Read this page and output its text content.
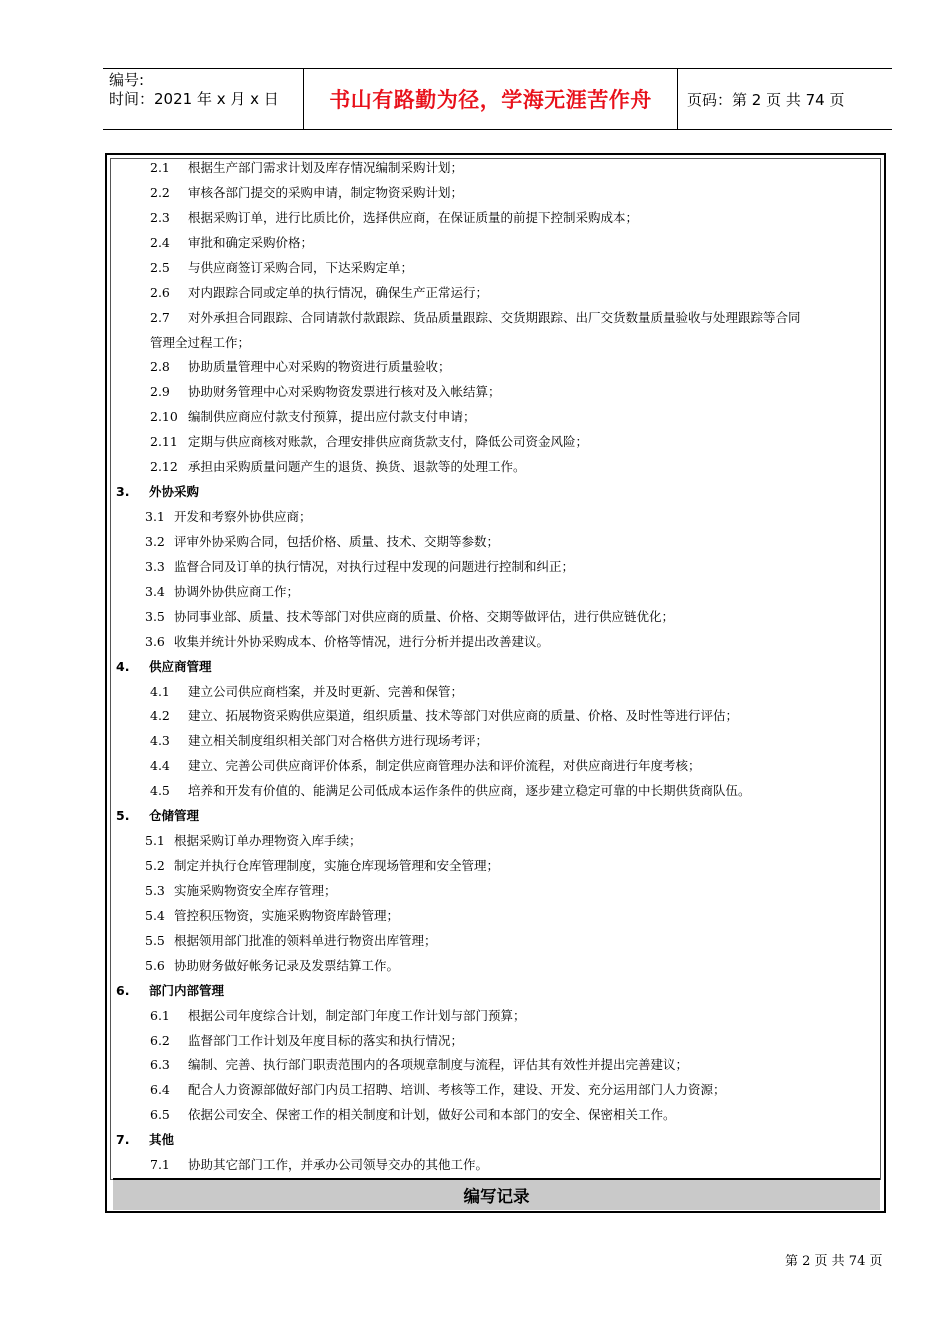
编号:
时间：2021 年 x 月 x 日	书山有路勤为径，学海无涯苦作舟	页码：第 2 页 共 74 页
2.1 根据生产部门需求计划及库存情况编制采购计划；
2.2 审核各部门提交的采购申请，制定物资采购计划；
2.3 根据采购订单，进行比质比价，选择供应商，在保证质量的前提下控制采购成本；
2.4 审批和确定采购价格；
2.5 与供应商签订采购合同，下达采购定单；
2.6 对内跟踪合同或定单的执行情况，确保生产正常运行；
2.7 对外承担合同跟踪、合同请款付款跟踪、货品质量跟踪、交货期跟踪、出厂交货数量质量验收与处理跟踪等合同
管理全过程工作；
2.8 协助质量管理中心对采购的物资进行质量验收；
2.9 协助财务管理中心对采购物资发票进行核对及入帐结算；
2.10 编制供应商应付款支付预算，提出应付款支付申请；
2.11 定期与供应商核对账款，合理安排供应商货款支付，降低公司资金风险；
2.12 承担由采购质量问题产生的退货、换货、退款等的处理工作。
3. 外协采购
3.1 开发和考察外协供应商；
3.2 评审外协采购合同，包括价格、质量、技术、交期等参数；
3.3 监督合同及订单的执行情况，对执行过程中发现的问题进行控制和纠正；
3.4 协调外协供应商工作；
3.5 协同事业部、质量、技术等部门对供应商的质量、价格、交期等做评估，进行供应链优化；
3.6 收集并统计外协采购成本、价格等情况，进行分析并提出改善建议。
4. 供应商管理
4.1 建立公司供应商档案，并及时更新、完善和保管；
4.2 建立、拓展物资采购供应渠道，组织质量、技术等部门对供应商的质量、价格、及时性等进行评估；
4.3 建立相关制度组织相关部门对合格供方进行现场考评；
4.4 建立、完善公司供应商评价体系，制定供应商管理办法和评价流程，对供应商进行年度考核；
4.5 培养和开发有价值的、能满足公司低成本运作条件的供应商，逐步建立稳定可靠的中长期供货商队伍。
5. 仓储管理
5.1 根据采购订单办理物资入库手续；
5.2 制定并执行仓库管理制度，实施仓库现场管理和安全管理；
5.3 实施采购物资安全库存管理；
5.4 管控积压物资，实施采购物资库龄管理；
5.5 根据领用部门批准的领料单进行物资出库管理；
5.6 协助财务做好帐务记录及发票结算工作。
6. 部门内部管理
6.1 根据公司年度综合计划，制定部门年度工作计划与部门预算；
6.2 监督部门工作计划及年度目标的落实和执行情况；
6.3 编制、完善、执行部门职责范围内的各项规章制度与流程，评估其有效性并提出完善建议；
6.4 配合人力资源部做好部门内员工招聘、培训、考核等工作，建设、开发、充分运用部门人力资源；
6.5 依据公司安全、保密工作的相关制度和计划，做好公司和本部门的安全、保密相关工作。
7. 其他
7.1 协助其它部门工作，并承办公司领导交办的其他工作。
编写记录
第 2 页 共 74 页
